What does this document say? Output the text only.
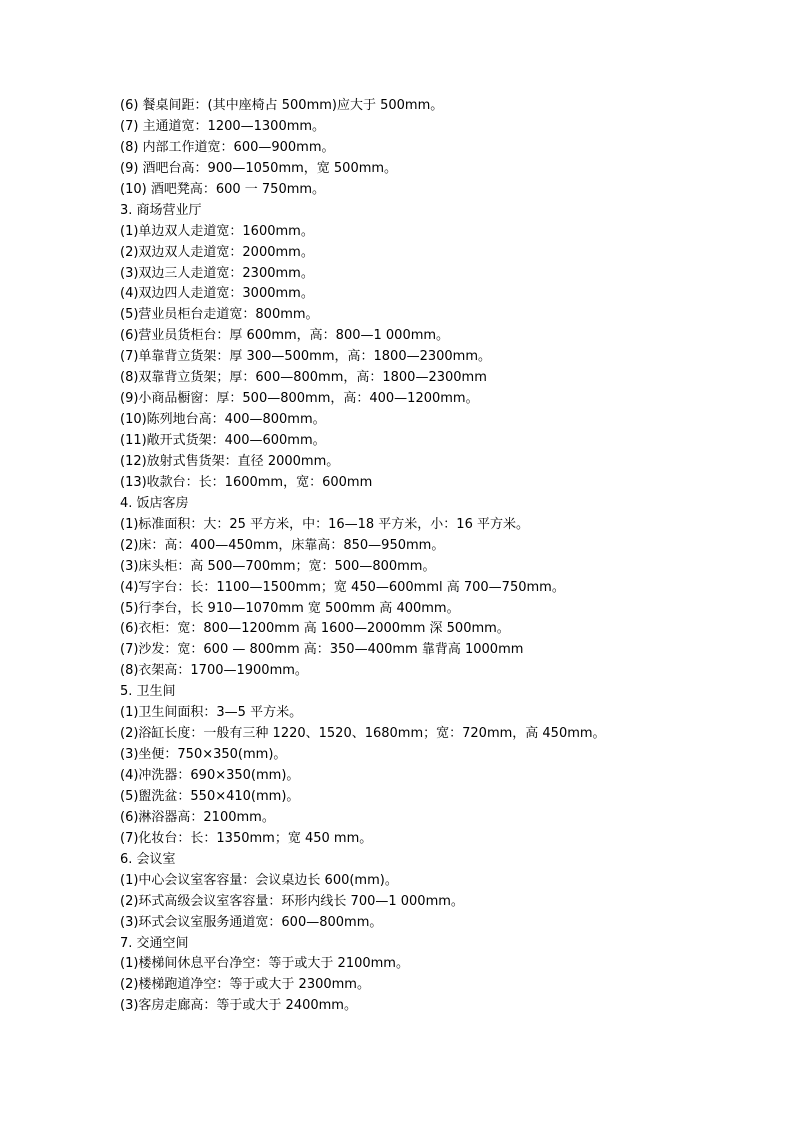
(6) 餐桌间距：(其中座椅占 500mm)应大于 500mm。
(7) 主通道宽：1200—1300mm。
(8) 内部工作道宽：600—900mm。
(9) 酒吧台高：900—1050mm，宽 500mm。
(10) 酒吧凳高：600 一 750mm。
3. 商场营业厅
(1)单边双人走道宽：1600mm。
(2)双边双人走道宽：2000mm。
(3)双边三人走道宽：2300mm。
(4)双边四人走道宽：3000mm。
(5)营业员柜台走道宽：800mm。
(6)营业员货柜台：厚 600mm，高：800—1 000mm。
(7)单靠背立货架：厚 300—500mm，高：1800—2300mm。
(8)双靠背立货架；厚：600—800mm，高：1800—2300mm
(9)小商品橱窗：厚：500—800mm，高：400—1200mm。
(10)陈列地台高：400—800mm。
(11)敞开式货架：400—600mm。
(12)放射式售货架：直径 2000mm。
(13)收款台：长：1600mm，宽：600mm
4. 饭店客房
(1)标准面积：大：25 平方米，中：16—18 平方米，小：16 平方米。
(2)床：高：400—450mm，床靠高：850—950mm。
(3)床头柜：高 500—700mm；宽：500—800mm。
(4)写字台：长：1100—1500mm；宽 450—600mml 高 700—750mm。
(5)行李台，长 910—1070mm 宽 500mm 高 400mm。
(6)衣柜：宽：800—1200mm 高 1600—2000mm 深 500mm。
(7)沙发：宽：600 — 800mm 高：350—400mm 靠背高 1000mm
(8)衣架高：1700—1900mm。
5. 卫生间
(1)卫生间面积：3—5 平方米。
(2)浴缸长度：一般有三种 1220、1520、1680mm；宽：720mm，高 450mm。
(3)坐便：750×350(mm)。
(4)冲洗器：690×350(mm)。
(5)盥洗盆：550×410(mm)。
(6)淋浴器高：2100mm。
(7)化妆台：长：1350mm；宽 450 mm。
6. 会议室
(1)中心会议室客容量：会议桌边长 600(mm)。
(2)环式高级会议室客容量：环形内线长 700—1 000mm。
(3)环式会议室服务通道宽：600—800mm。
7. 交通空间
(1)楼梯间休息平台净空：等于或大于 2100mm。
(2)楼梯跑道净空：等于或大于 2300mm。
(3)客房走廊高：等于或大于 2400mm。
